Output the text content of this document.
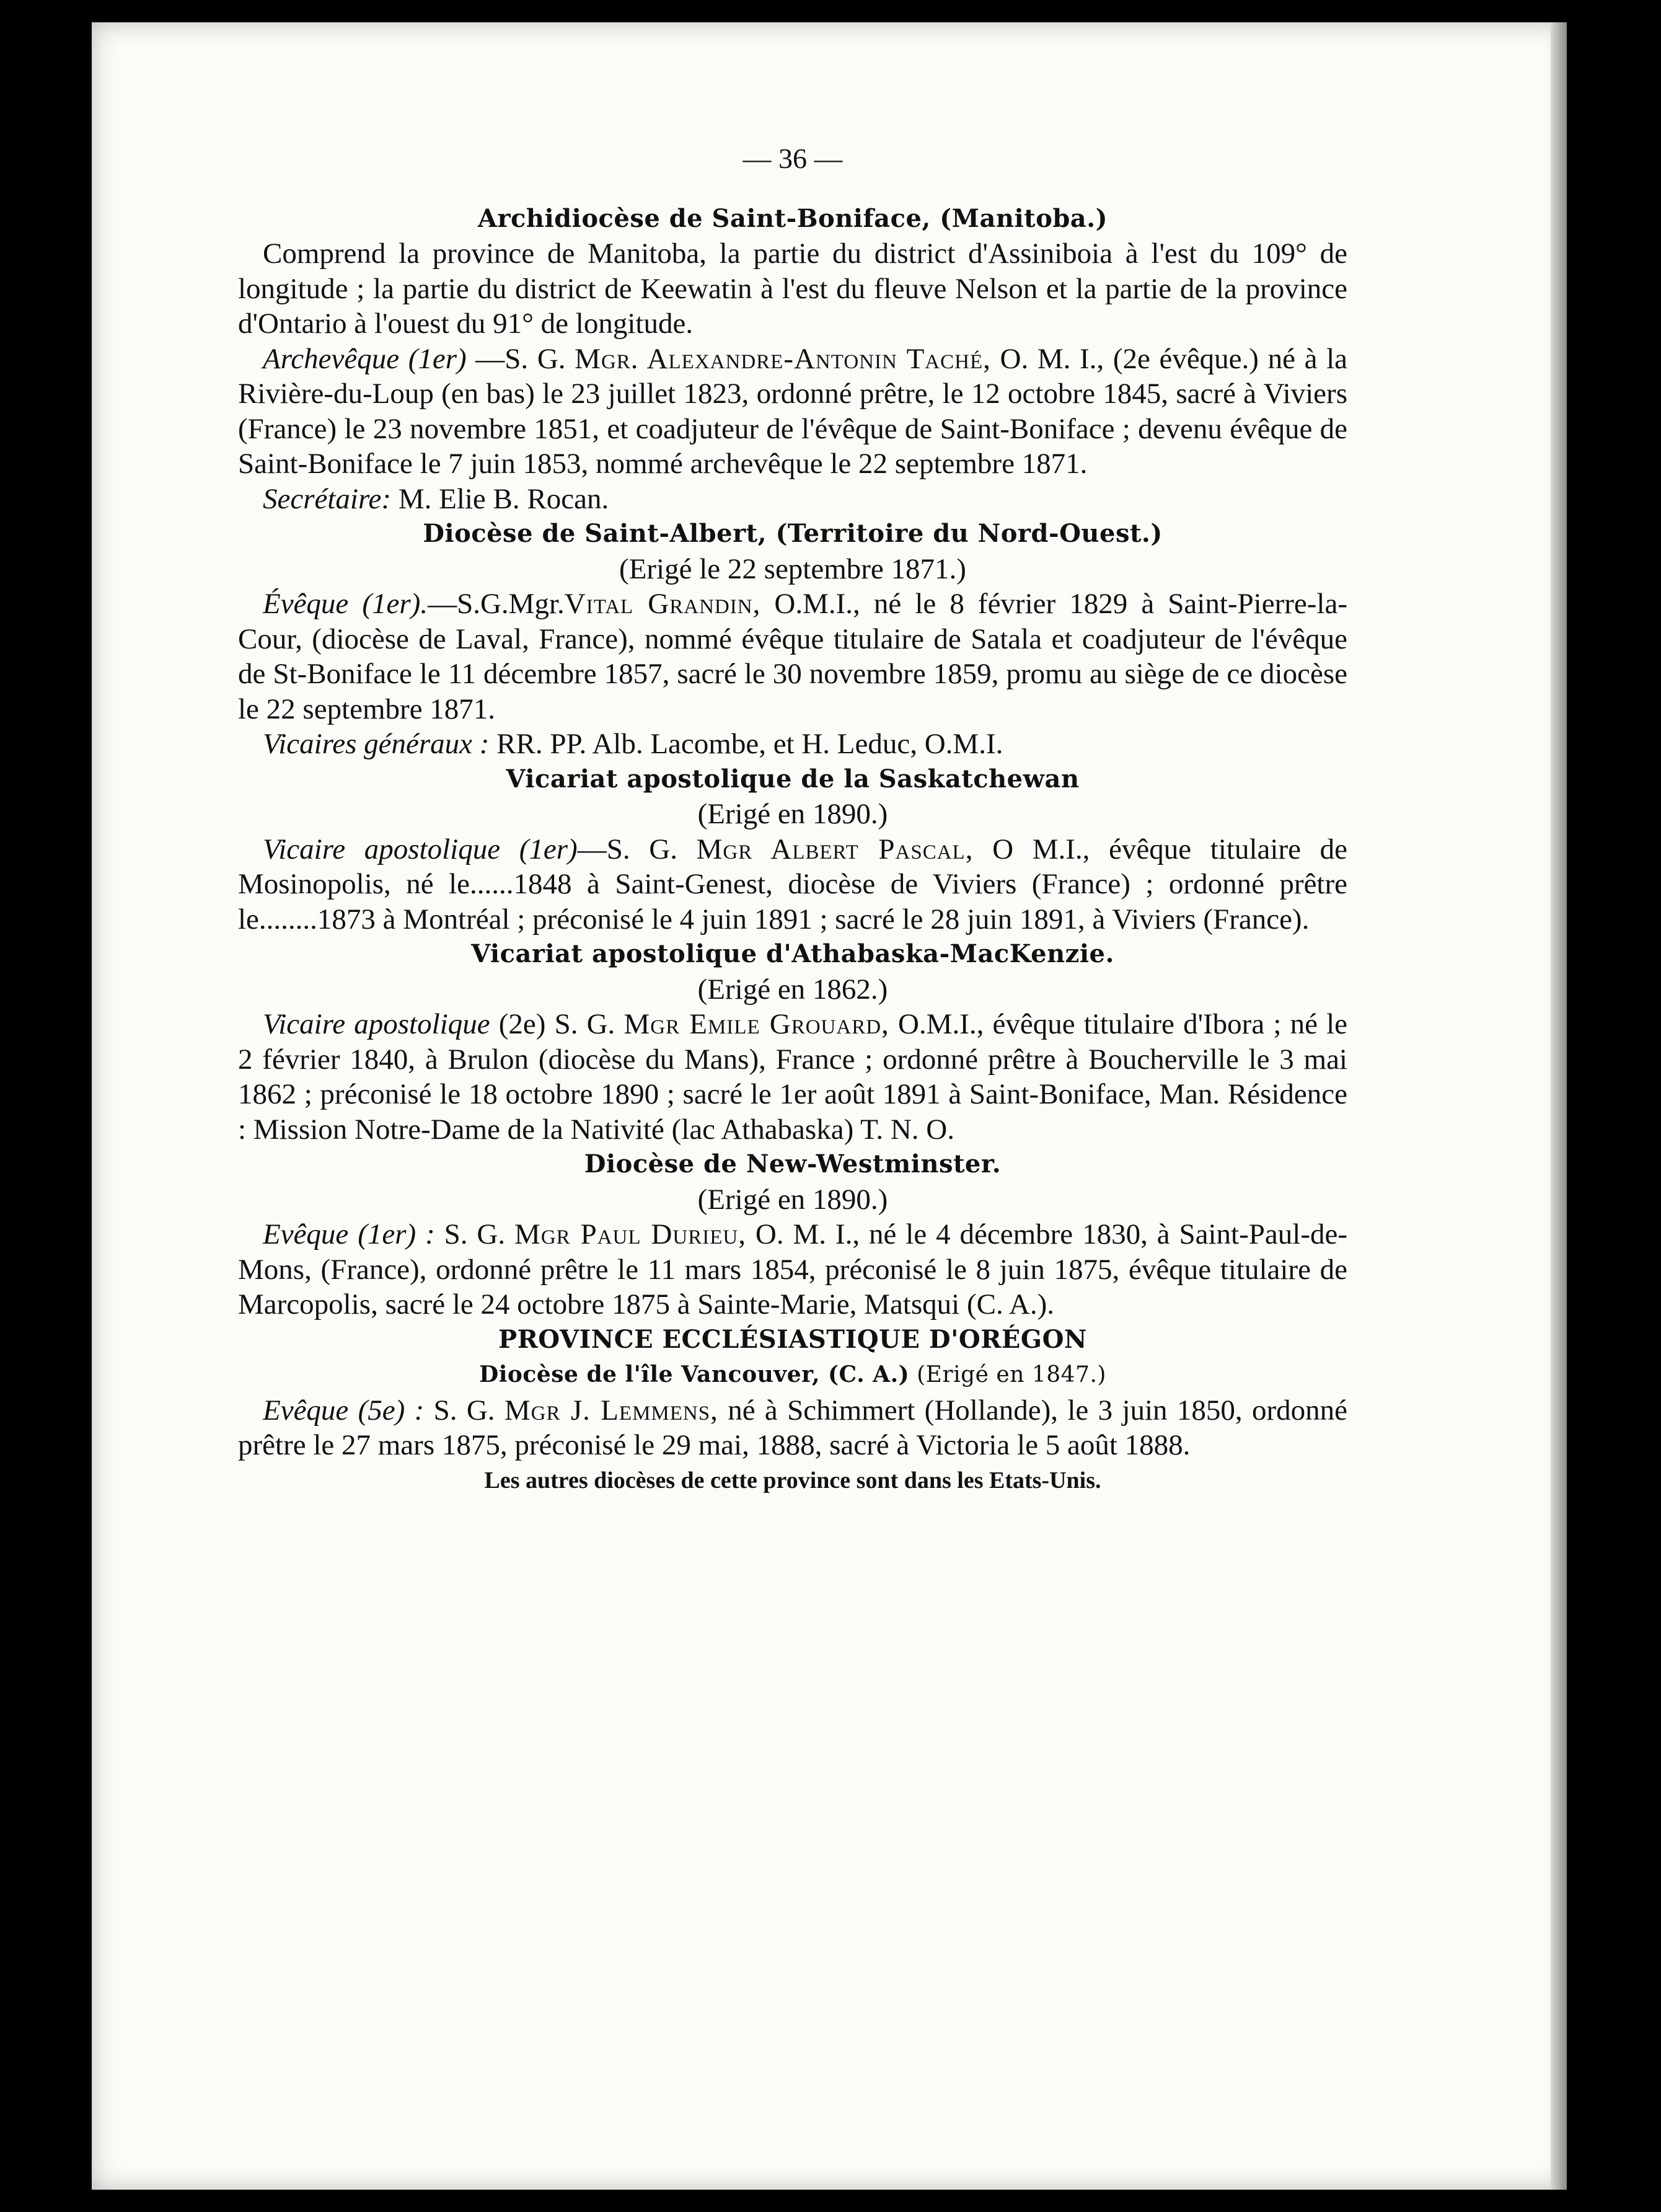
— 36 —
Archidiocèse de Saint-Boniface, (Manitoba.)

Comprend la province de Manitoba, la partie du district d'Assiniboia à l'est du 109° de longitude ; la partie du district de Keewatin à l'est du fleuve Nelson et la partie de la province d'Ontario à l'ouest du 91° de longitude.

Archevêque (1er) —S. G. Mgr. Alexandre-Antonin Taché, O. M. I., (2e évêque.) né à la Rivière-du-Loup (en bas) le 23 juillet 1823, ordonné prêtre, le 12 octobre 1845, sacré à Viviers (France) le 23 novembre 1851, et coadjuteur de l'évêque de Saint-Boniface ; devenu évêque de Saint-Boniface le 7 juin 1853, nommé archevêque le 22 septembre 1871.

Secrétaire: M. Elie B. Rocan.

Diocèse de Saint-Albert, (Territoire du Nord-Ouest.)
(Erigé le 22 septembre 1871.)

Évêque (1er).—S.G.Mgr.Vital Grandin, O.M.I., né le 8 février 1829 à Saint-Pierre-la-Cour, (diocèse de Laval, France), nommé évêque titulaire de Satala et coadjuteur de l'évêque de St-Boniface le 11 décembre 1857, sacré le 30 novembre 1859, promu au siège de ce diocèse le 22 septembre 1871.

Vicaires généraux : RR. PP. Alb. Lacombe, et H. Leduc, O.M.I.

Vicariat apostolique de la Saskatchewan
(Erigé en 1890.)

Vicaire apostolique (1er)—S. G. Mgr Albert Pascal, O M.I., évêque titulaire de Mosinopolis, né le......1848 à Saint-Genest, diocèse de Viviers (France) ; ordonné prêtre le........1873 à Montréal ; préconisé le 4 juin 1891 ; sacré le 28 juin 1891, à Viviers (France).

Vicariat apostolique d'Athabaska-MacKenzie.
(Erigé en 1862.)

Vicaire apostolique (2e) S. G. Mgr Emile Grouard, O.M.I., évêque titulaire d'Ibora ; né le 2 février 1840, à Brulon (diocèse du Mans), France ; ordonné prêtre à Boucherville le 3 mai 1862 ; préconisé le 18 octobre 1890 ; sacré le 1er août 1891 à Saint-Boniface, Man. Résidence : Mission Notre-Dame de la Nativité (lac Athabaska) T. N. O.

Diocèse de New-Westminster.
(Erigé en 1890.)

Evêque (1er) : S. G. Mgr Paul Durieu, O. M. I., né le 4 décembre 1830, à Saint-Paul-de-Mons, (France), ordonné prêtre le 11 mars 1854, préconisé le 8 juin 1875, évêque titulaire de Marcopolis, sacré le 24 octobre 1875 à Sainte-Marie, Matsqui (C. A.).

PROVINCE ECCLÉSIASTIQUE D'ORÉGON
Diocèse de l'île Vancouver, (C. A.) (Erigé en 1847.)

Evêque (5e) : S. G. Mgr J. Lemmens, né à Schimmert (Hollande), le 3 juin 1850, ordonné prêtre le 27 mars 1875, préconisé le 29 mai, 1888, sacré à Victoria le 5 août 1888.

Les autres diocèses de cette province sont dans les Etats-Unis.
